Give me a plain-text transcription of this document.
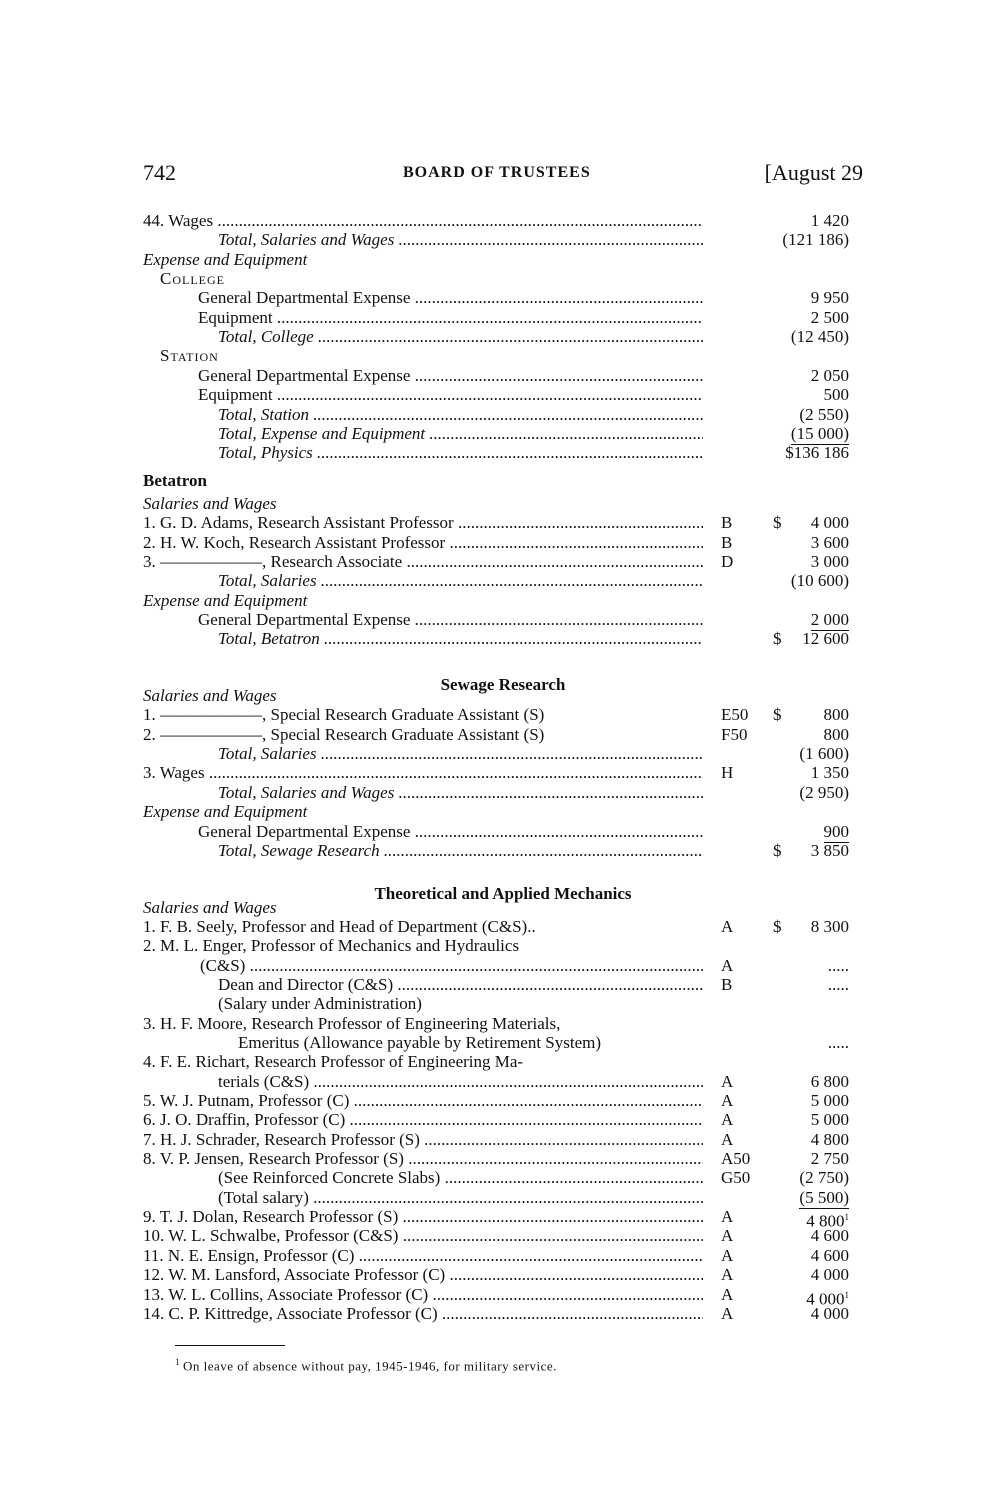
742	BOARD OF TRUSTEES	[August 29
44. Wages .....	1 420
Total, Salaries and Wages .....	(121 186)
Expense and Equipment
College
General Departmental Expense .....	9 950
Equipment .....	2 500
Total, College .....	(12 450)
Station
General Departmental Expense .....	2 050
Equipment .....	500
Total, Station .....	(2 550)
Total, Expense and Equipment .....	(15 000)
Total, Physics .....	$136 186
Betatron
Salaries and Wages
1. G. D. Adams, Research Assistant Professor .....	B $ 4 000
2. H. W. Koch, Research Assistant Professor .....	B	3 600
3. ——————, Research Associate .....	D	3 000
Total, Salaries .....	(10 600)
Expense and Equipment
General Departmental Expense .....	2 000
Total, Betatron .....	$ 12 600
Sewage Research
Salaries and Wages
1. ——————, Special Research Graduate Assistant (S)	E50 $ 800
2. ——————, Special Research Graduate Assistant (S)	F50	800
Total, Salaries .....	(1 600)
3. Wages .....	H	1 350
Total, Salaries and Wages .....	(2 950)
Expense and Equipment
General Departmental Expense .....	900
Total, Sewage Research .....	$ 3 850
Theoretical and Applied Mechanics
Salaries and Wages
1. F. B. Seely, Professor and Head of Department (C&S)..	A $ 8 300
2. M. L. Enger, Professor of Mechanics and Hydraulics
(C&S) .....	A	.....
Dean and Director (C&S) .....	B	.....
(Salary under Administration)
3. H. F. Moore, Research Professor of Engineering Materials,
Emeritus (Allowance payable by Retirement System)	.....
4. F. E. Richart, Research Professor of Engineering Ma-
terials (C&S) .....	A	6 800
5. W. J. Putnam, Professor (C) .....	A	5 000
6. J. O. Draffin, Professor (C) .....	A	5 000
7. H. J. Schrader, Research Professor (S) .....	A	4 800
8. V. P. Jensen, Research Professor (S) .....	A50	2 750
(See Reinforced Concrete Slabs) .....	G50	(2 750)
(Total salary) .....	(5 500)
9. T. J. Dolan, Research Professor (S) .....	A	4 800$^1$
10. W. L. Schwalbe, Professor (C&S) .....	A	4 600
11. N. E. Ensign, Professor (C) .....	A	4 600
12. W. M. Lansford, Associate Professor (C) .....	A	4 000
13. W. L. Collins, Associate Professor (C) .....	A	4 000$^1$
14. C. P. Kittredge, Associate Professor (C) .....	A	4 000
$^1$ On leave of absence without pay, 1945-1946, for military service.
